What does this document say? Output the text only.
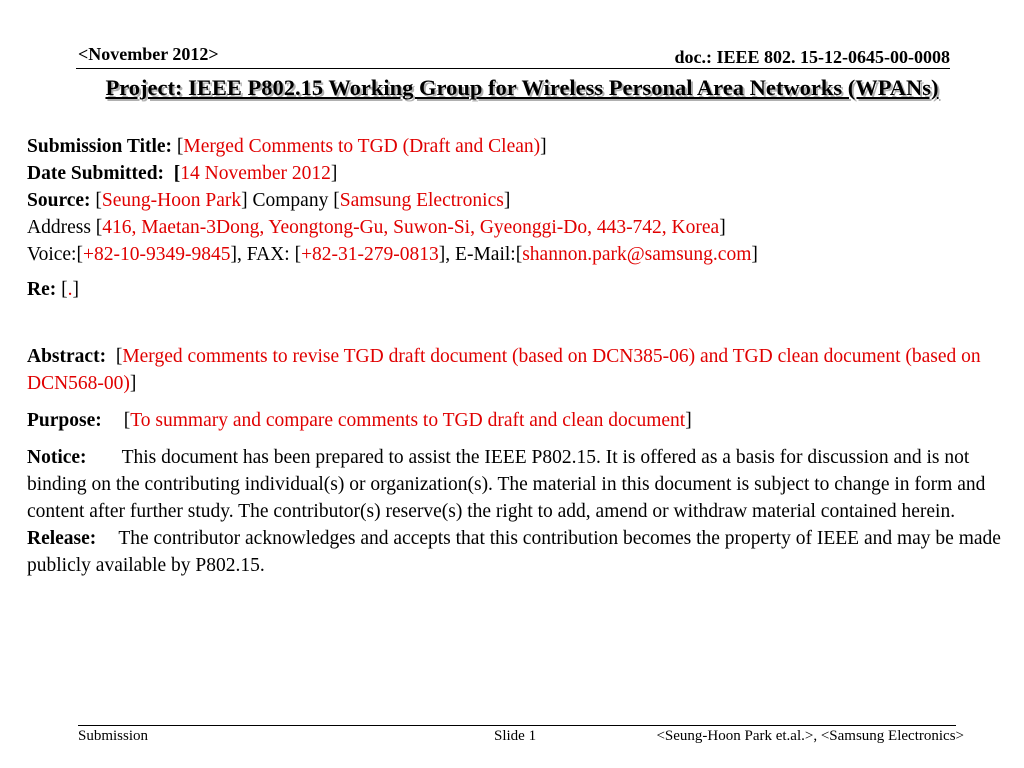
<November 2012>	doc.: IEEE 802. 15-12-0645-00-0008
Project: IEEE P802.15 Working Group for Wireless Personal Area Networks (WPANs)
Submission Title: [Merged Comments to TGD (Draft and Clean)]
Date Submitted: [14 November 2012]
Source: [Seung-Hoon Park] Company [Samsung Electronics]
Address [416, Maetan-3Dong, Yeongtong-Gu, Suwon-Si, Gyeonggi-Do, 443-742, Korea]
Voice:[+82-10-9349-9845], FAX: [+82-31-279-0813], E-Mail:[shannon.park@samsung.com]
Re: [.]
Abstract:  [Merged comments to revise TGD draft document (based on DCN385-06) and TGD clean document (based on DCN568-00)]
Purpose: [To summary and compare comments to TGD draft and clean document]
Notice: This document has been prepared to assist the IEEE P802.15. It is offered as a basis for discussion and is not binding on the contributing individual(s) or organization(s). The material in this document is subject to change in form and content after further study. The contributor(s) reserve(s) the right to add, amend or withdraw material contained herein.
Release: The contributor acknowledges and accepts that this contribution becomes the property of IEEE and may be made publicly available by P802.15.
Submission	Slide 1	<Seung-Hoon Park et.al.>, <Samsung Electronics>
